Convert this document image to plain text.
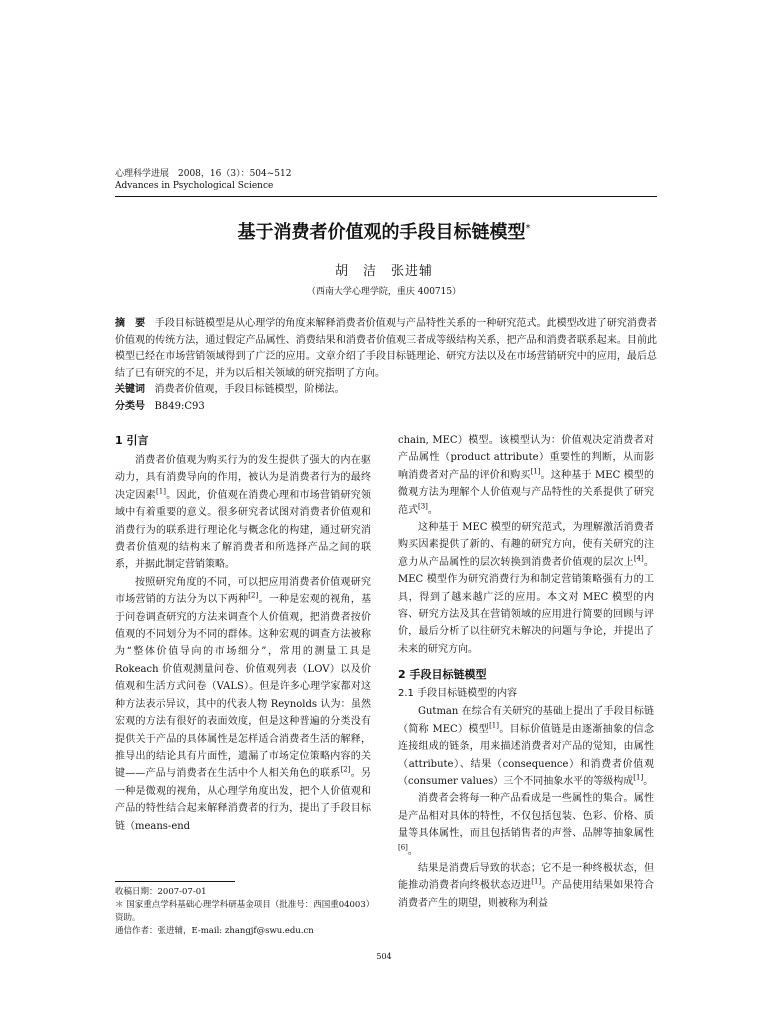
心理科学进展　2008，16（3）：504~512
Advances in Psychological Science
基于消费者价值观的手段目标链模型*
胡　洁　张进辅
（西南大学心理学院，重庆 400715）
摘　要 手段目标链模型是从心理学的角度来解释消费者价值观与产品特性关系的一种研究范式。此模型改进了研究消费者价值观的传统方法，通过假定产品属性、消费结果和消费者价值观三者成等级结构关系，把产品和消费者联系起来。目前此模型已经在市场营销领域得到了广泛的应用。文章介绍了手段目标链理论、研究方法以及在市场营销研究中的应用，最后总结了已有研究的不足，并为以后相关领域的研究指明了方向。
关键词 消费者价值观，手段目标链模型，阶梯法。
分类号 B849:C93
1 引言

消费者价值观为购买行为的发生提供了强大的内在驱动力，具有消费导向的作用，被认为是消费者行为的最终决定因素[1]。因此，价值观在消费心理和市场营销研究领域中有着重要的意义。很多研究者试图对消费者价值观和消费行为的联系进行理论化与概念化的构建，通过研究消费者价值观的结构来了解消费者和所选择产品之间的联系，并据此制定营销策略。

按照研究角度的不同，可以把应用消费者价值观研究市场营销的方法分为以下两种[2]。一种是宏观的视角，基于问卷调查研究的方法来调查个人价值观，把消费者按价值观的不同划分为不同的群体。这种宏观的调查方法被称为“整体价值导向的市场细分”，常用的测量工具是 Rokeach 价值观测量问卷、价值观列表（LOV）以及价值观和生活方式问卷（VALS）。但是许多心理学家都对这种方法表示异议，其中的代表人物 Reynolds 认为：虽然宏观的方法有很好的表面效度，但是这种普遍的分类没有提供关于产品的具体属性是怎样适合消费者生活的解释，推导出的结论具有片面性，遗漏了市场定位策略内容的关键——产品与消费者在生活中个人相关角色的联系[2]。另一种是微观的视角，从心理学角度出发，把个人价值观和产品的特性结合起来解释消费者的行为，提出了手段目标链（means-end

chain, MEC）模型。该模型认为：价值观决定消费者对产品属性（product attribute）重要性的判断，从而影响消费者对产品的评价和购买[1]。这种基于 MEC 模型的微观方法为理解个人价值观与产品特性的关系提供了研究范式[3]。

这种基于 MEC 模型的研究范式，为理解激活消费者购买因素提供了新的、有趣的研究方向，使有关研究的注意力从产品属性的层次转换到消费者价值观的层次上[4]。MEC 模型作为研究消费行为和制定营销策略强有力的工具，得到了越来越广泛的应用。本文对 MEC 模型的内容、研究方法及其在营销领域的应用进行简要的回顾与评价，最后分析了以往研究未解决的问题与争论，并提出了未来的研究方向。

2 手段目标链模型
2.1 手段目标链模型的内容

Gutman 在综合有关研究的基础上提出了手段目标链（简称 MEC）模型[1]。目标价值链是由逐渐抽象的信念连接组成的链条，用来描述消费者对产品的觉知，由属性（attribute）、结果（consequence）和消费者价值观（consumer values）三个不同抽象水平的等级构成[1]。

消费者会将每一种产品看成是一些属性的集合。属性是产品相对具体的特性，不仅包括包装、色彩、价格、质量等具体属性，而且包括销售者的声誉、品牌等抽象属性[6]。

结果是消费后导致的状态；它不是一种终极状态，但能推动消费者向终极状态迈进[1]。产品使用结果如果符合消费者产生的期望，则被称为利益

收稿日期：2007-07-01
＊ 国家重点学科基础心理学科研基金项目（批准号：西国重04003）资助。
通信作者：张进辅，E-mail: zhangjf@swu.edu.cn
504
